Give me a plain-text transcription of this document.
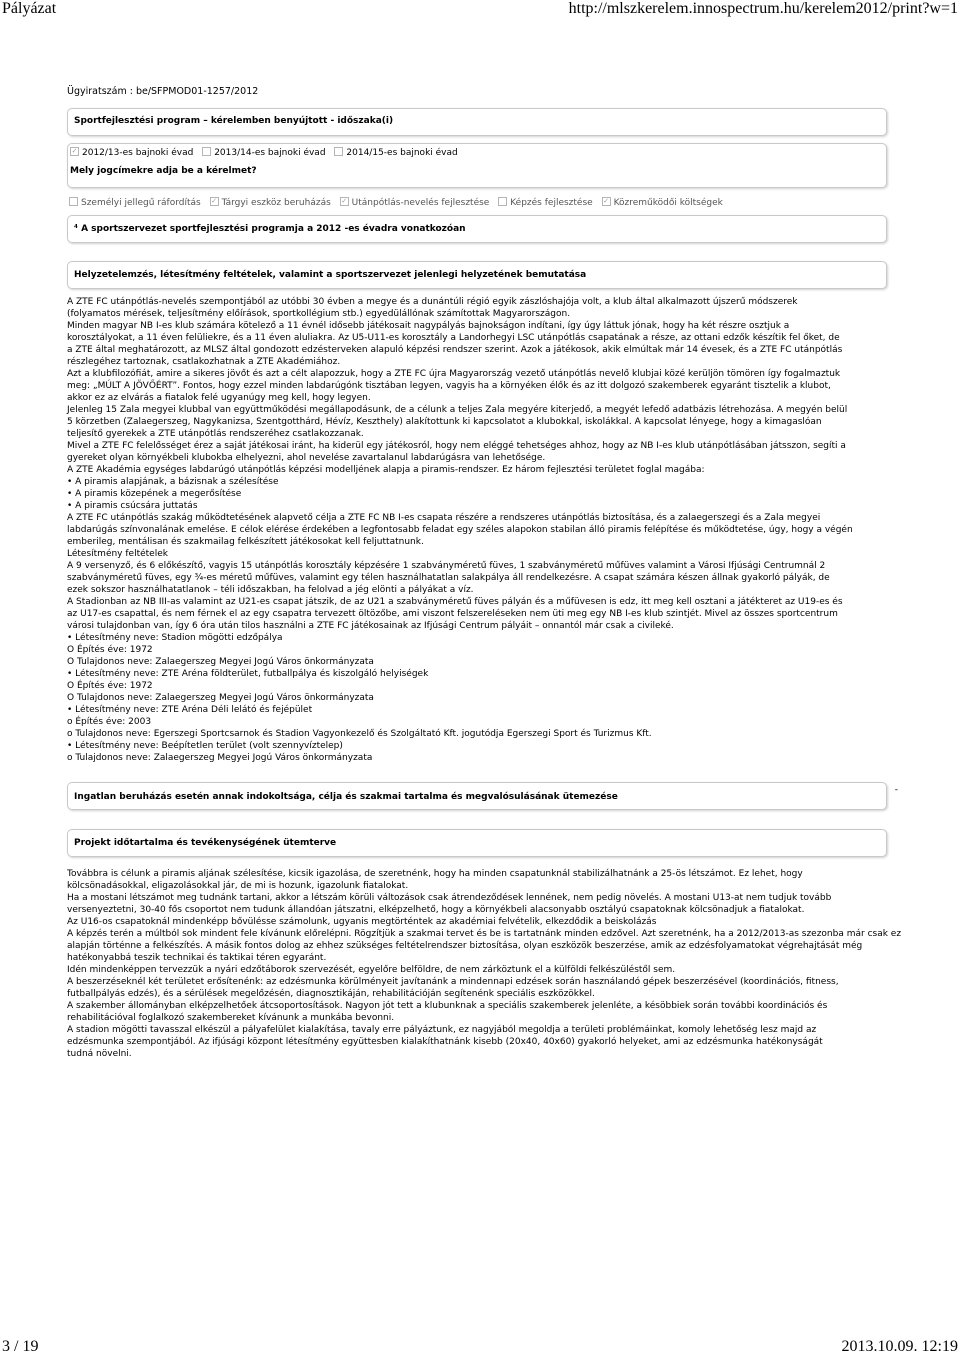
Pályázat	http://mlszkerelem.innospectrum.hu/kerelem2012/print?w=1
Ügyiratszám : be/SFPMOD01-1257/2012
Sportfejlesztési program – kérelemben benyújtott - időszaka(i)
✓ 2012/13-es bajnoki évad 2013/14-es bajnoki évad 2014/15-es bajnoki évad
Mely jogcímekre adja be a kérelmet?
Személyi jellegű ráfordítás ✓ Tárgyi eszköz beruházás ✓ Utánpótlás-nevelés fejlesztése Képzés fejlesztése ✓ Közreműködői költségek
⁴ A sportszervezet sportfejlesztési programja a 2012 -es évadra vonatkozóan
Helyzetelemzés, létesítmény feltételek, valamint a sportszervezet jelenlegi helyzetének bemutatása

A ZTE FC utánpótlás-nevelés szempontjából az utóbbi 30 évben a megye és a dunántúli régió egyik zászlóshajója volt, a klub által alkalmazott újszerű módszerek

(folyamatos mérések, teljesítmény előírások, sportkollégium stb.) egyedülállónak számítottak Magyarországon.

Minden magyar NB I-es klub számára kötelező a 11 évnél idősebb játékosait nagypályás bajnokságon indítani, így úgy láttuk jónak, hogy ha két részre osztjuk a

korosztályokat, a 11 éven felüliekre, és a 11 éven aluliakra. Az U5-U11-es korosztály a Landorhegyi LSC utánpótlás csapatának a része, az ottani edzők készítik fel őket, de

a ZTE által meghatározott, az MLSZ által gondozott edzésterveken alapuló képzési rendszer szerint. Azok a játékosok, akik elmúltak már 14 évesek, és a ZTE FC utánpótlás

részlegéhez tartoznak, csatlakozhatnak a ZTE Akadémiához.

Azt a klubfilozófiát, amire a sikeres jövőt és azt a célt alapozzuk, hogy a ZTE FC újra Magyarország vezető utánpótlás nevelő klubjai közé kerüljön tömören így fogalmaztuk

meg: „MÚLT A JÖVŐÉRT”. Fontos, hogy ezzel minden labdarúgónk tisztában legyen, vagyis ha a környéken élők és az itt dolgozó szakemberek egyaránt tisztelik a klubot,

akkor ez az elvárás a fiatalok felé ugyanúgy meg kell, hogy legyen.

Jelenleg 15 Zala megyei klubbal van együttműködési megállapodásunk, de a célunk a teljes Zala megyére kiterjedő, a megyét lefedő adatbázis létrehozása. A megyén belül

5 körzetben (Zalaegerszeg, Nagykanizsa, Szentgotthárd, Hévíz, Keszthely) alakítottunk ki kapcsolatot a klubokkal, iskolákkal. A kapcsolat lényege, hogy a kimagaslóan

teljesítő gyerekek a ZTE utánpótlás rendszeréhez csatlakozzanak.

Mivel a ZTE FC felelősséget érez a saját játékosai iránt, ha kiderül egy játékosról, hogy nem eléggé tehetséges ahhoz, hogy az NB I-es klub utánpótlásában játsszon, segíti a

gyereket olyan környékbeli klubokba elhelyezni, ahol nevelése zavartalanul labdarúgásra van lehetősége.

A ZTE Akadémia egységes labdarúgó utánpótlás képzési modelljének alapja a piramis-rendszer. Ez három fejlesztési területet foglal magába:

• A piramis alapjának, a bázisnak a szélesítése

• A piramis közepének a megerősítése

• A piramis csúcsára juttatás

A ZTE FC utánpótlás szakág működtetésének alapvető célja a ZTE FC NB I-es csapata részére a rendszeres utánpótlás biztosítása, és a zalaegerszegi és a Zala megyei

labdarúgás színvonalának emelése. E célok elérése érdekében a legfontosabb feladat egy széles alapokon stabilan álló piramis felépítése és működtetése, úgy, hogy a végén

emberileg, mentálisan és szakmailag felkészített játékosokat kell feljuttatnunk.

Létesítmény feltételek

A 9 versenyző, és 6 előkészítő, vagyis 15 utánpótlás korosztály képzésére 1 szabványméretű füves, 1 szabványméretű műfüves valamint a Városi Ifjúsági Centrumnál 2

szabványméretű füves, egy ¾-es méretű műfüves, valamint egy télen használhatatlan salakpálya áll rendelkezésre. A csapat számára készen állnak gyakorló pályák, de

ezek sokszor használhatatlanok – téli időszakban, ha felolvad a jég elönti a pályákat a víz.

A Stadionban az NB III-as valamint az U21-es csapat játszik, de az U21 a szabványméretű füves pályán és a műfüvesen is edz, itt meg kell osztani a játékteret az U19-es és

az U17-es csapattal, és nem férnek el az egy csapatra tervezett öltözőbe, ami viszont felszereléseken nem üti meg egy NB I-es klub szintjét. Mivel az összes sportcentrum

városi tulajdonban van, így 6 óra után tilos használni a ZTE FC játékosainak az Ifjúsági Centrum pályáit – onnantól már csak a civileké.

• Létesítmény neve: Stadion mögötti edzőpálya

O Építés éve: 1972

O Tulajdonos neve: Zalaegerszeg Megyei Jogú Város önkormányzata

• Létesítmény neve: ZTE Aréna földterület, futballpálya és kiszolgáló helyiségek

O Építés éve: 1972

O Tulajdonos neve: Zalaegerszeg Megyei Jogú Város önkormányzata

• Létesítmény neve: ZTE Aréna Déli lelátó és fejépület

o Építés éve: 2003

o Tulajdonos neve: Egerszegi Sportcsarnok és Stadion Vagyonkezelő és Szolgáltató Kft. jogutódja Egerszegi Sport és Turizmus Kft.

• Létesítmény neve: Beépítetlen terület (volt szennyvíztelep)

o Tulajdonos neve: Zalaegerszeg Megyei Jogú Város önkormányzata

Ingatlan beruházás esetén annak indokoltsága, célja és szakmai tartalma és megvalósulásának ütemezése
-
Projekt időtartalma és tevékenységének ütemterve

Továbbra is célunk a piramis aljának szélesítése, kicsik igazolása, de szeretnénk, hogy ha minden csapatunknál stabilizálhatnánk a 25-ös létszámot. Ez lehet, hogy

kölcsönadásokkal, eligazolásokkal jár, de mi is hozunk, igazolunk fiatalokat.

Ha a mostani létszámot meg tudnánk tartani, akkor a létszám körüli változások csak átrendeződések lennének, nem pedig növelés. A mostani U13-at nem tudjuk tovább

versenyeztetni, 30-40 fős csoportot nem tudunk állandóan játszatni, elképzelhető, hogy a környékbeli alacsonyabb osztályú csapatoknak kölcsönadjuk a fiatalokat.

Az U16-os csapatoknál mindenképp bővülésse számolunk, ugyanis megtörténtek az akadémiai felvételik, elkezdődik a beiskolázás

A képzés terén a múltból sok mindent fele kívánunk előrelépni. Rögzítjük a szakmai tervet és be is tartatnánk minden edzővel. Azt szeretnénk, ha a 2012/2013-as szezonba már csak ez

alapján történne a felkészítés. A másik fontos dolog az ehhez szükséges feltételrendszer biztosítása, olyan eszközök beszerzése, amik az edzésfolyamatokat végrehajtását még

hatékonyabbá teszik technikai és taktikai téren egyaránt.

Idén mindenképpen tervezzük a nyári edzőtáborok szervezését, egyelőre belföldre, de nem zárköztunk el a külföldi felkészüléstől sem.

A beszerzéseknél két területet erősítenénk: az edzésmunka körülményeit javítanánk a mindennapi edzések során használandó gépek beszerzésével (koordinációs, fitness,

futballpályás edzés), és a sérülések megelőzésén, diagnosztikáján, rehabilitációján segítenénk speciális eszközökkel.

A szakember állományban elképzelhetőek átcsoportosítások. Nagyon jót tett a klubunknak a speciális szakemberek jelenléte, a késöbbiek során további koordinációs és

rehabilitációval foglalkozó szakembereket kívánunk a munkába bevonni.

A stadion mögötti tavasszal elkészül a pályafelület kialakítása, tavaly erre pályáztunk, ez nagyjából megoldja a területi problémáinkat, komoly lehetőség lesz majd az

edzésmunka szempontjából. Az ifjúsági központ létesítmény együttesben kialakíthatnánk kisebb (20x40, 40x60) gyakorló helyeket, ami az edzésmunka hatékonyságát

tudná növelni.

3 / 19	2013.10.09. 12:19
